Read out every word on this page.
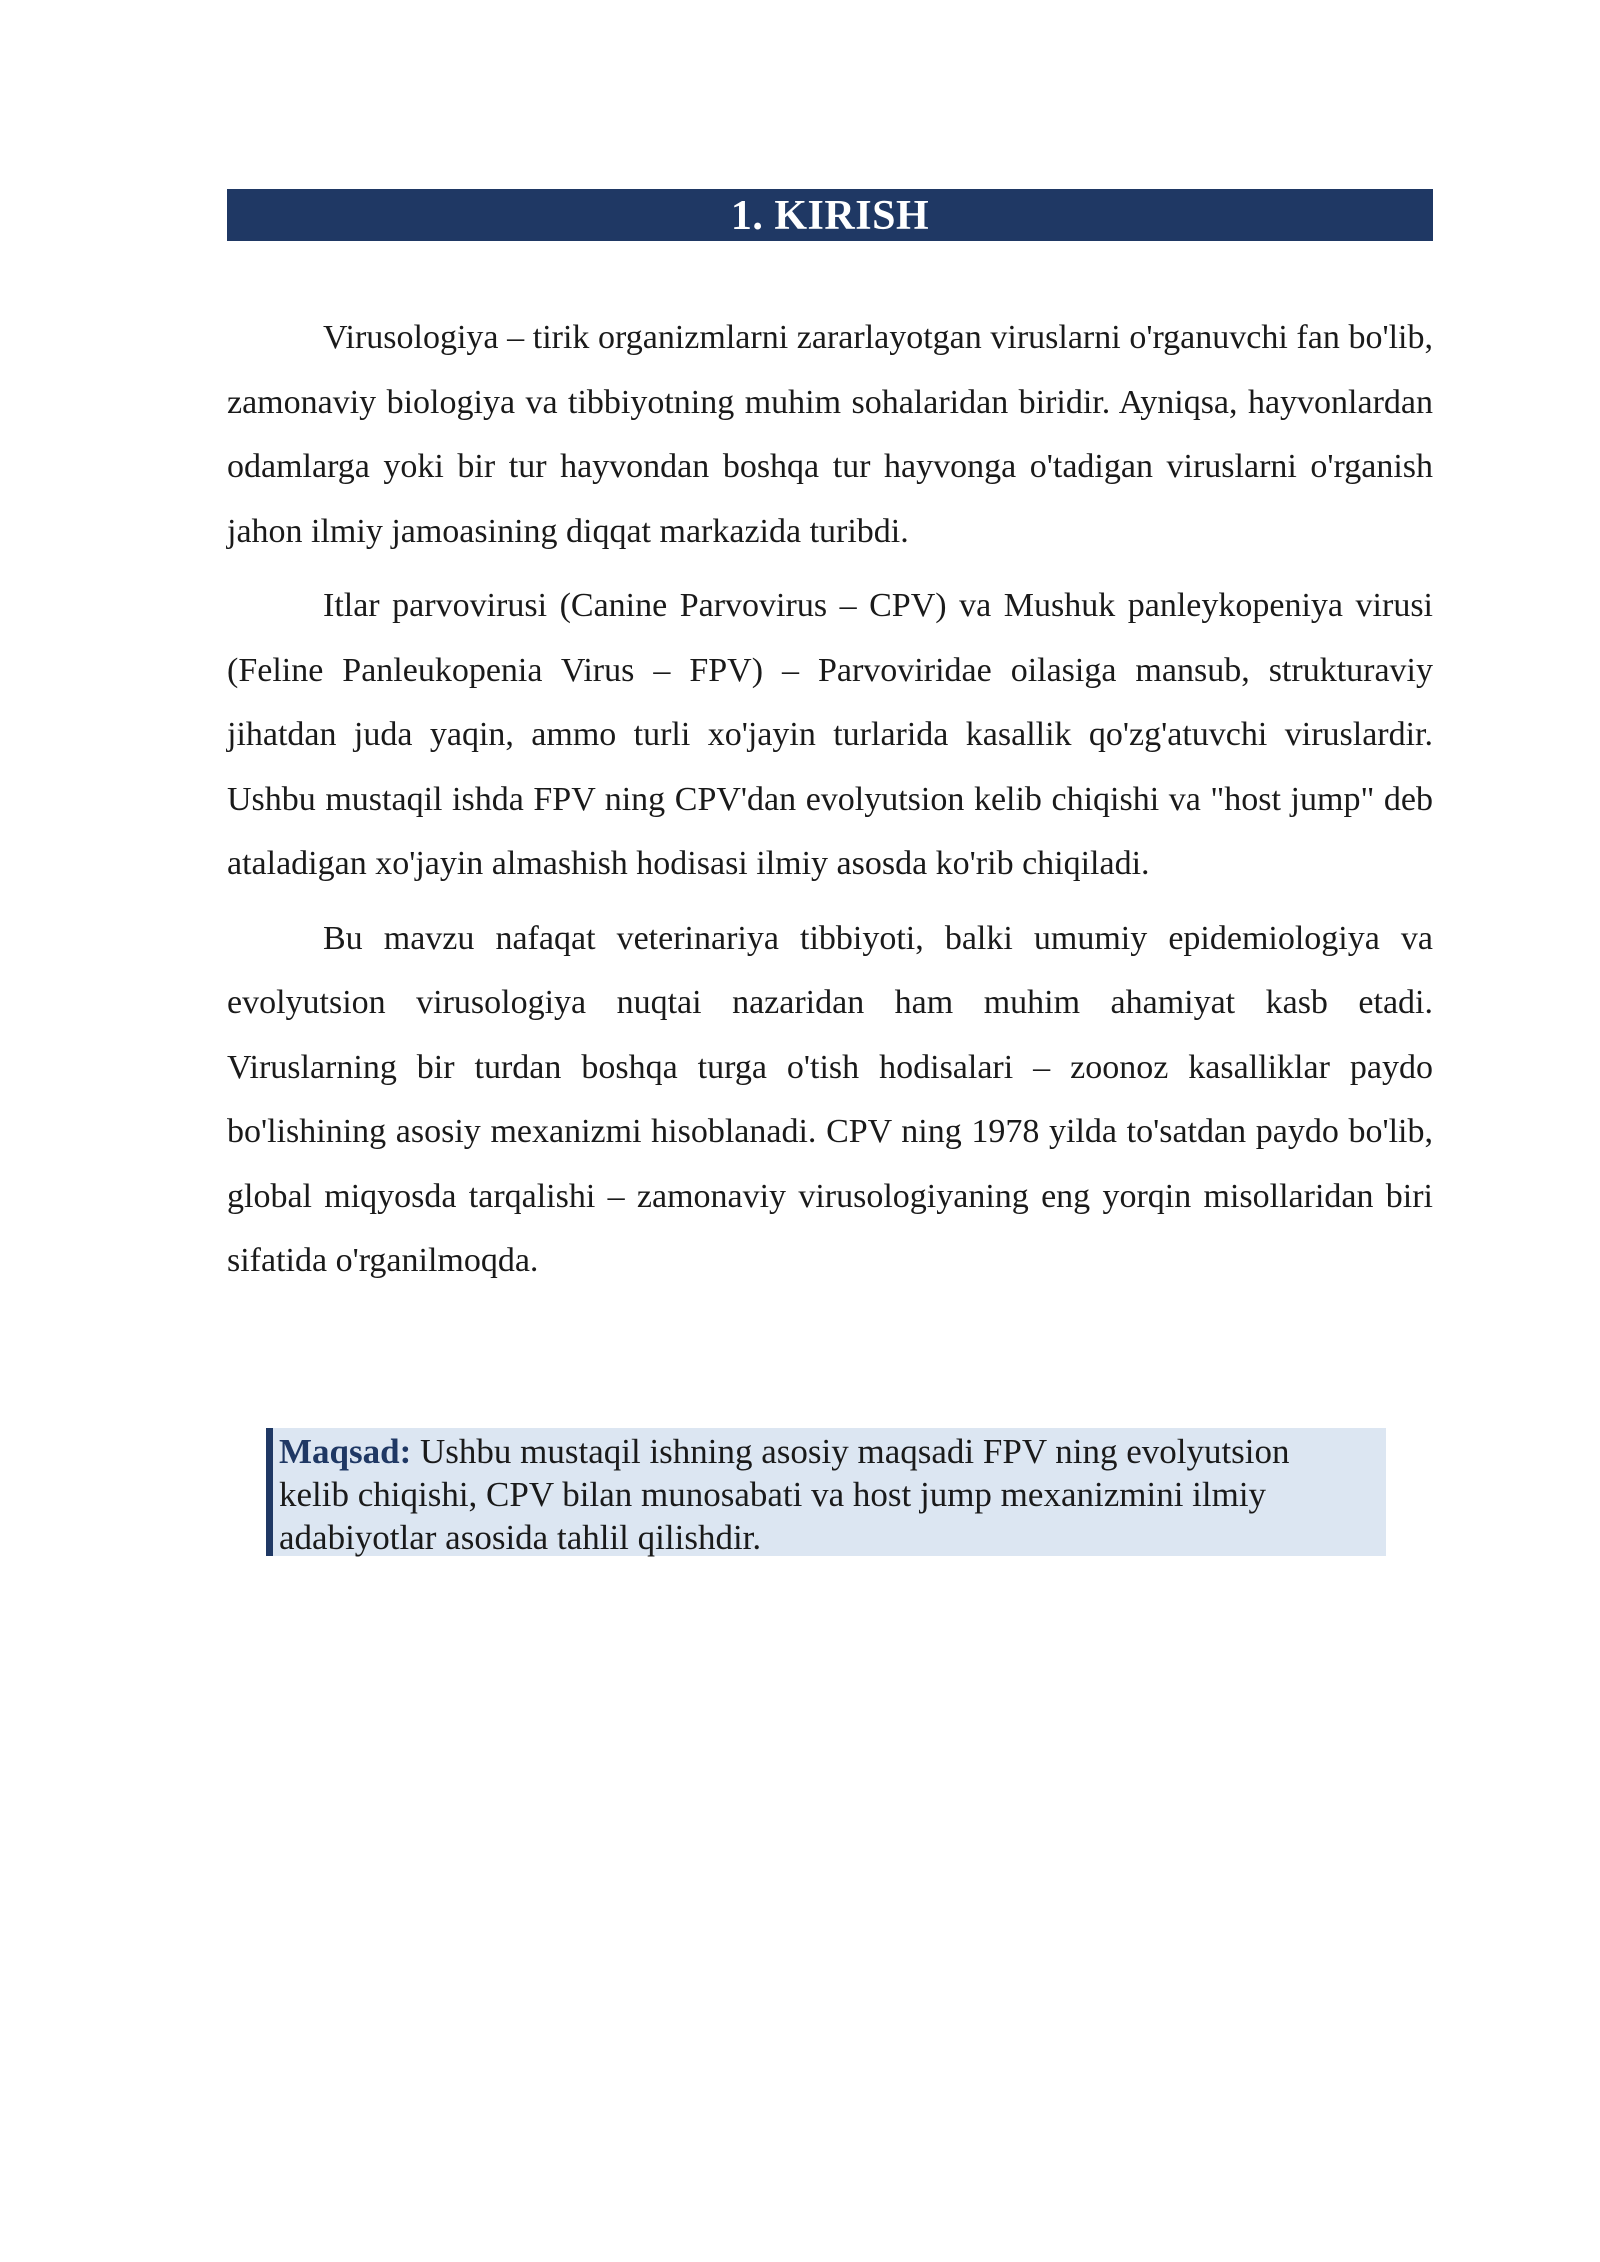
1. KIRISH

Virusologiya – tirik organizmlarni zararlayotgan viruslarni o'rganuvchi fan bo'lib, zamonaviy biologiya va tibbiyotning muhim sohalaridan biridir. Ayniqsa, hayvonlardan odamlarga yoki bir tur hayvondan boshqa tur hayvonga o'tadigan viruslarni o'rganish jahon ilmiy jamoasining diqqat markazida turibdi.

Itlar parvovirusi (Canine Parvovirus – CPV) va Mushuk panleykopeniya virusi (Feline Panleukopenia Virus – FPV) – Parvoviridae oilasiga mansub, strukturaviy jihatdan juda yaqin, ammo turli xo'jayin turlarida kasallik qo'zg'atuvchi viruslardir. Ushbu mustaqil ishda FPV ning CPV'dan evolyutsion kelib chiqishi va "host jump" deb ataladigan xo'jayin almashish hodisasi ilmiy asosda ko'rib chiqiladi.

Bu mavzu nafaqat veterinariya tibbiyoti, balki umumiy epidemiologiya va evolyutsion virusologiya nuqtai nazaridan ham muhim ahamiyat kasb etadi. Viruslarning bir turdan boshqa turga o'tish hodisalari – zoonoz kasalliklar paydo bo'lishining asosiy mexanizmi hisoblanadi. CPV ning 1978 yilda to'satdan paydo bo'lib, global miqyosda tarqalishi – zamonaviy virusologiyaning eng yorqin misollaridan biri sifatida o'rganilmoqda.

Maqsad: Ushbu mustaqil ishning asosiy maqsadi FPV ning evolyutsion kelib chiqishi, CPV bilan munosabati va host jump mexanizmini ilmiy adabiyotlar asosida tahlil qilishdir.
